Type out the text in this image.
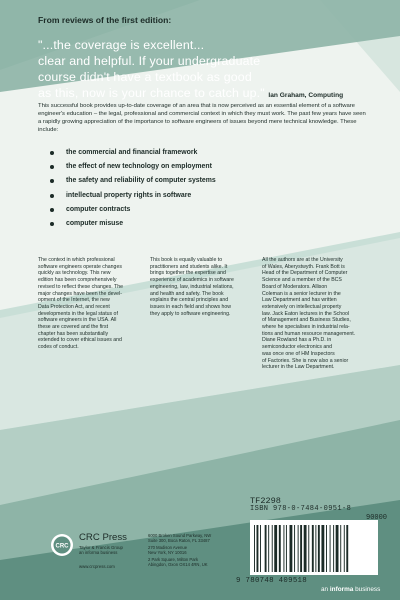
From reviews of the first edition:
"...the coverage is excellent...
clear and helpful. If your undergraduate
course didn't have a textbook as good
as this, now is your chance to catch up." Ian Graham, Computing
This successful book provides up-to-date coverage of an area that is now perceived as an essential element of a software engineer's education – the legal, professional and commercial context in which they must work. The past few years have seen a rapidly growing appreciation of the importance to software engineers of issues beyond mere technical knowledge. These include:
the commercial and financial framework
the effect of new technology on employment
the safety and reliability of computer systems
intellectual property rights in software
computer contracts
computer misuse
The context in which professional
software engineers operate changes
quickly as technology. This new
edition has been comprehensively
revised to reflect these changes. The
major changes have been the devel-
opment of the Internet, the new
Data Protection Act, and recent
developments in the legal status of
software engineers in the USA. All
these are covered and the first
chapter has been substantially
extended to cover ethical issues and
codes of conduct.
This book is equally valuable to
practitioners and students alike. It
brings together the expertise and
experience of academics in software
engineering, law, industrial relations,
and health and safety. The book
explains the central principles and
issues in each field and shows how
they apply to software engineering.
All the authors are at the University
of Wales, Aberystwyth. Frank Bott is
Head of the Department of Computer
Science and a member of the BCS
Board of Moderators. Allison
Coleman is a senior lecturer in the
Law Department and has written
extensively on intellectual property
law. Jack Eaton lectures in the School
of Management and Business Studies,
where he specialises in industrial rela-
tions and human resource management.
Diane Rowland has a Ph.D. in
semiconductor electronics and
was once one of HM Inspectors
of Factories. She is now also a senior
lecturer in the Law Department.
TF2298
ISBN 978-0-7484-0951-8
90000
9 780748 409518
CRC
CRC Press
Taylor & Francis Group
an informa business
www.crcpress.com
6000 Broken Sound Parkway, NW
Suite 300, Boca Raton, FL 33487
270 Madison Avenue
New York, NY 10016
2 Park Square, Milton Park
Abingdon, Oxon OX14 4RN, UK
an informa business
